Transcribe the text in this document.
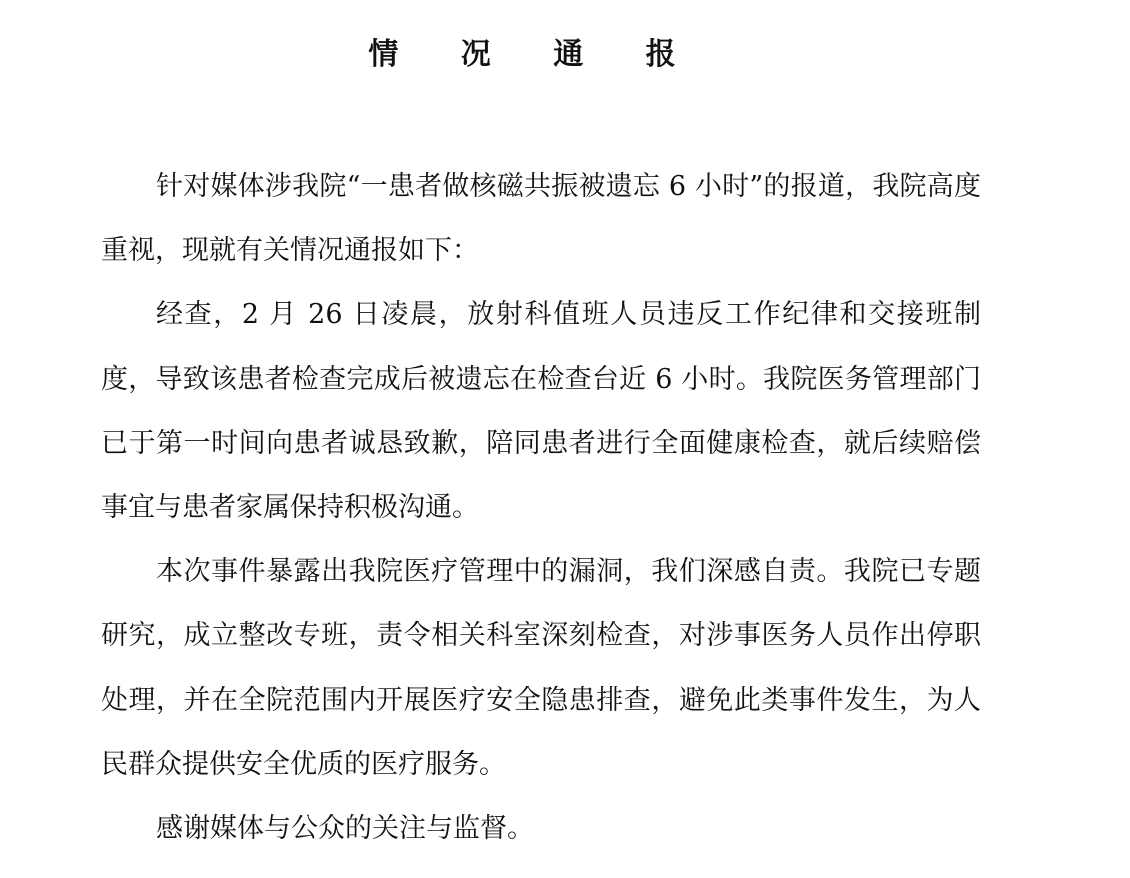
情 况 通 报

针对媒体涉我院“一患者做核磁共振被遗忘 6 小时”的报道，我院高度重视，现就有关情况通报如下：

经查，2 月 26 日凌晨，放射科值班人员违反工作纪律和交接班制度，导致该患者检查完成后被遗忘在检查台近 6 小时。我院医务管理部门已于第一时间向患者诚恳致歉，陪同患者进行全面健康检查，就后续赔偿事宜与患者家属保持积极沟通。

本次事件暴露出我院医疗管理中的漏洞，我们深感自责。我院已专题研究，成立整改专班，责令相关科室深刻检查，对涉事医务人员作出停职处理，并在全院范围内开展医疗安全隐患排查，避免此类事件发生，为人民群众提供安全优质的医疗服务。

感谢媒体与公众的关注与监督。
